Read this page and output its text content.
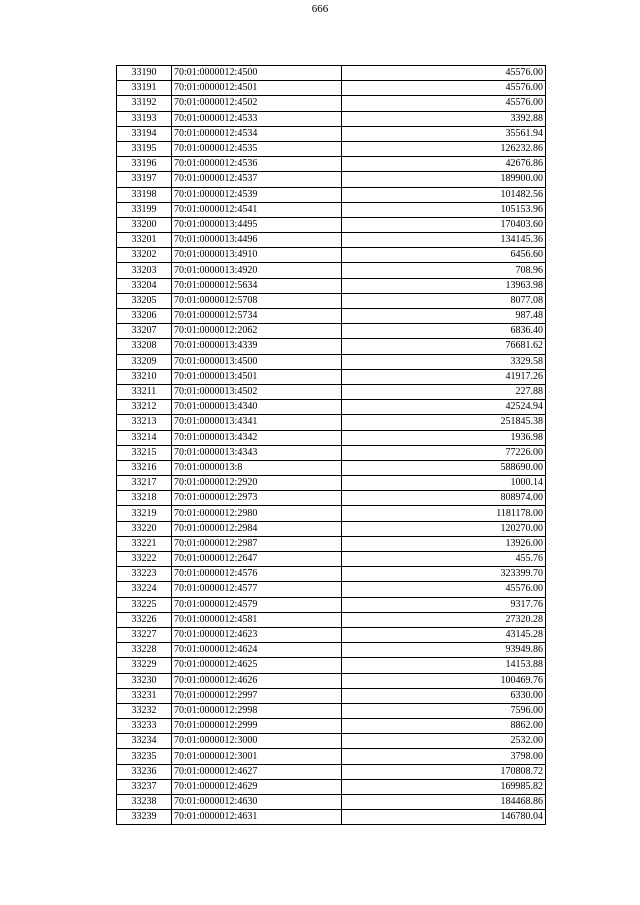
666
33190	70:01:0000012:4500	45576.00
33191	70:01:0000012:4501	45576.00
33192	70:01:0000012:4502	45576.00
33193	70:01:0000012:4533	3392.88
33194	70:01:0000012:4534	35561.94
33195	70:01:0000012:4535	126232.86
33196	70:01:0000012:4536	42676.86
33197	70:01:0000012:4537	189900.00
33198	70:01:0000012:4539	101482.56
33199	70:01:0000012:4541	105153.96
33200	70:01:0000013:4495	170403.60
33201	70:01:0000013:4496	134145.36
33202	70:01:0000013:4910	6456.60
33203	70:01:0000013:4920	708.96
33204	70:01:0000012:5634	13963.98
33205	70:01:0000012:5708	8077.08
33206	70:01:0000012:5734	987.48
33207	70:01:0000012:2062	6836.40
33208	70:01:0000013:4339	76681.62
33209	70:01:0000013:4500	3329.58
33210	70:01:0000013:4501	41917.26
33211	70:01:0000013:4502	227.88
33212	70:01:0000013:4340	42524.94
33213	70:01:0000013:4341	251845.38
33214	70:01:0000013:4342	1936.98
33215	70:01:0000013:4343	77226.00
33216	70:01:0000013:8	588690.00
33217	70:01:0000012:2920	1000.14
33218	70:01:0000012:2973	808974.00
33219	70:01:0000012:2980	1181178.00
33220	70:01:0000012:2984	120270.00
33221	70:01:0000012:2987	13926.00
33222	70:01:0000012:2647	455.76
33223	70:01:0000012:4576	323399.70
33224	70:01:0000012:4577	45576.00
33225	70:01:0000012:4579	9317.76
33226	70:01:0000012:4581	27320.28
33227	70:01:0000012:4623	43145.28
33228	70:01:0000012:4624	93949.86
33229	70:01:0000012:4625	14153.88
33230	70:01:0000012:4626	100469.76
33231	70:01:0000012:2997	6330.00
33232	70:01:0000012:2998	7596.00
33233	70:01:0000012:2999	8862.00
33234	70:01:0000012:3000	2532.00
33235	70:01:0000012:3001	3798.00
33236	70:01:0000012:4627	170808.72
33237	70:01:0000012:4629	169985.82
33238	70:01:0000012:4630	184468.86
33239	70:01:0000012:4631	146780.04
